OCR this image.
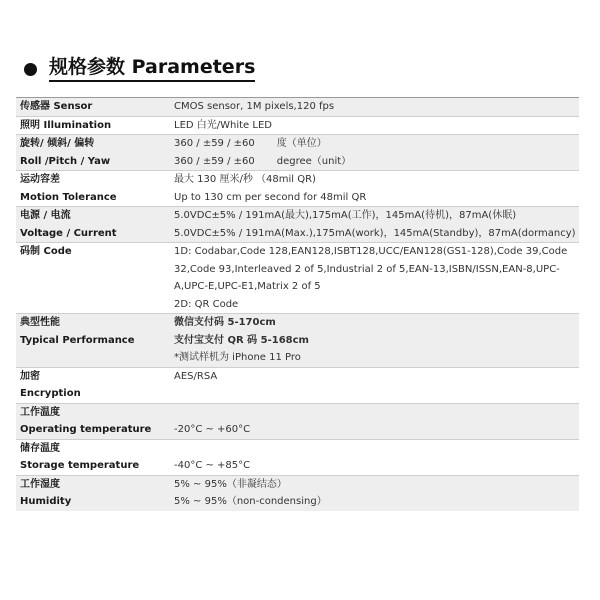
规格参数 Parameters
传感器 Sensor	CMOS sensor, 1M pixels,120 fps
照明 Illumination	LED 白光/White LED
旋转/ 倾斜/ 偏转	360 / ±59 / ±60 度（单位）
Roll /Pitch / Yaw	360 / ±59 / ±60 degree（unit）
运动容差	最大 130 厘米/秒 （48mil QR)
Motion Tolerance	Up to 130 cm per second for 48mil QR
电源 / 电流	5.0VDC±5% / 191mA(最大),175mA(工作)，145mA(待机)，87mA(休眠)
Voltage / Current	5.0VDC±5% / 191mA(Max.),175mA(work)，145mA(Standby)，87mA(dormancy)
码制 Code	1D: Codabar,Code 128,EAN128,ISBT128,UCC/EAN128(GS1-128),Code 39,Code 32,Code 93,Interleaved 2 of 5,Industrial 2 of 5,EAN-13,ISBN/ISSN,EAN-8,UPC-A,UPC-E,UPC-E1,Matrix 2 of 5
	2D: QR Code
典型性能	微信支付码 5-170cm
Typical Performance	支付宝支付 QR 码 5-168cm
	*测试样机为 iPhone 11 Pro
加密	AES/RSA
Encryption	
工作温度	
Operating temperature	-20°C ~ +60°C
储存温度	
Storage temperature	-40°C ~ +85°C
工作湿度	5% ~ 95%（非凝结态）
Humidity	5% ~ 95%（non-condensing）
